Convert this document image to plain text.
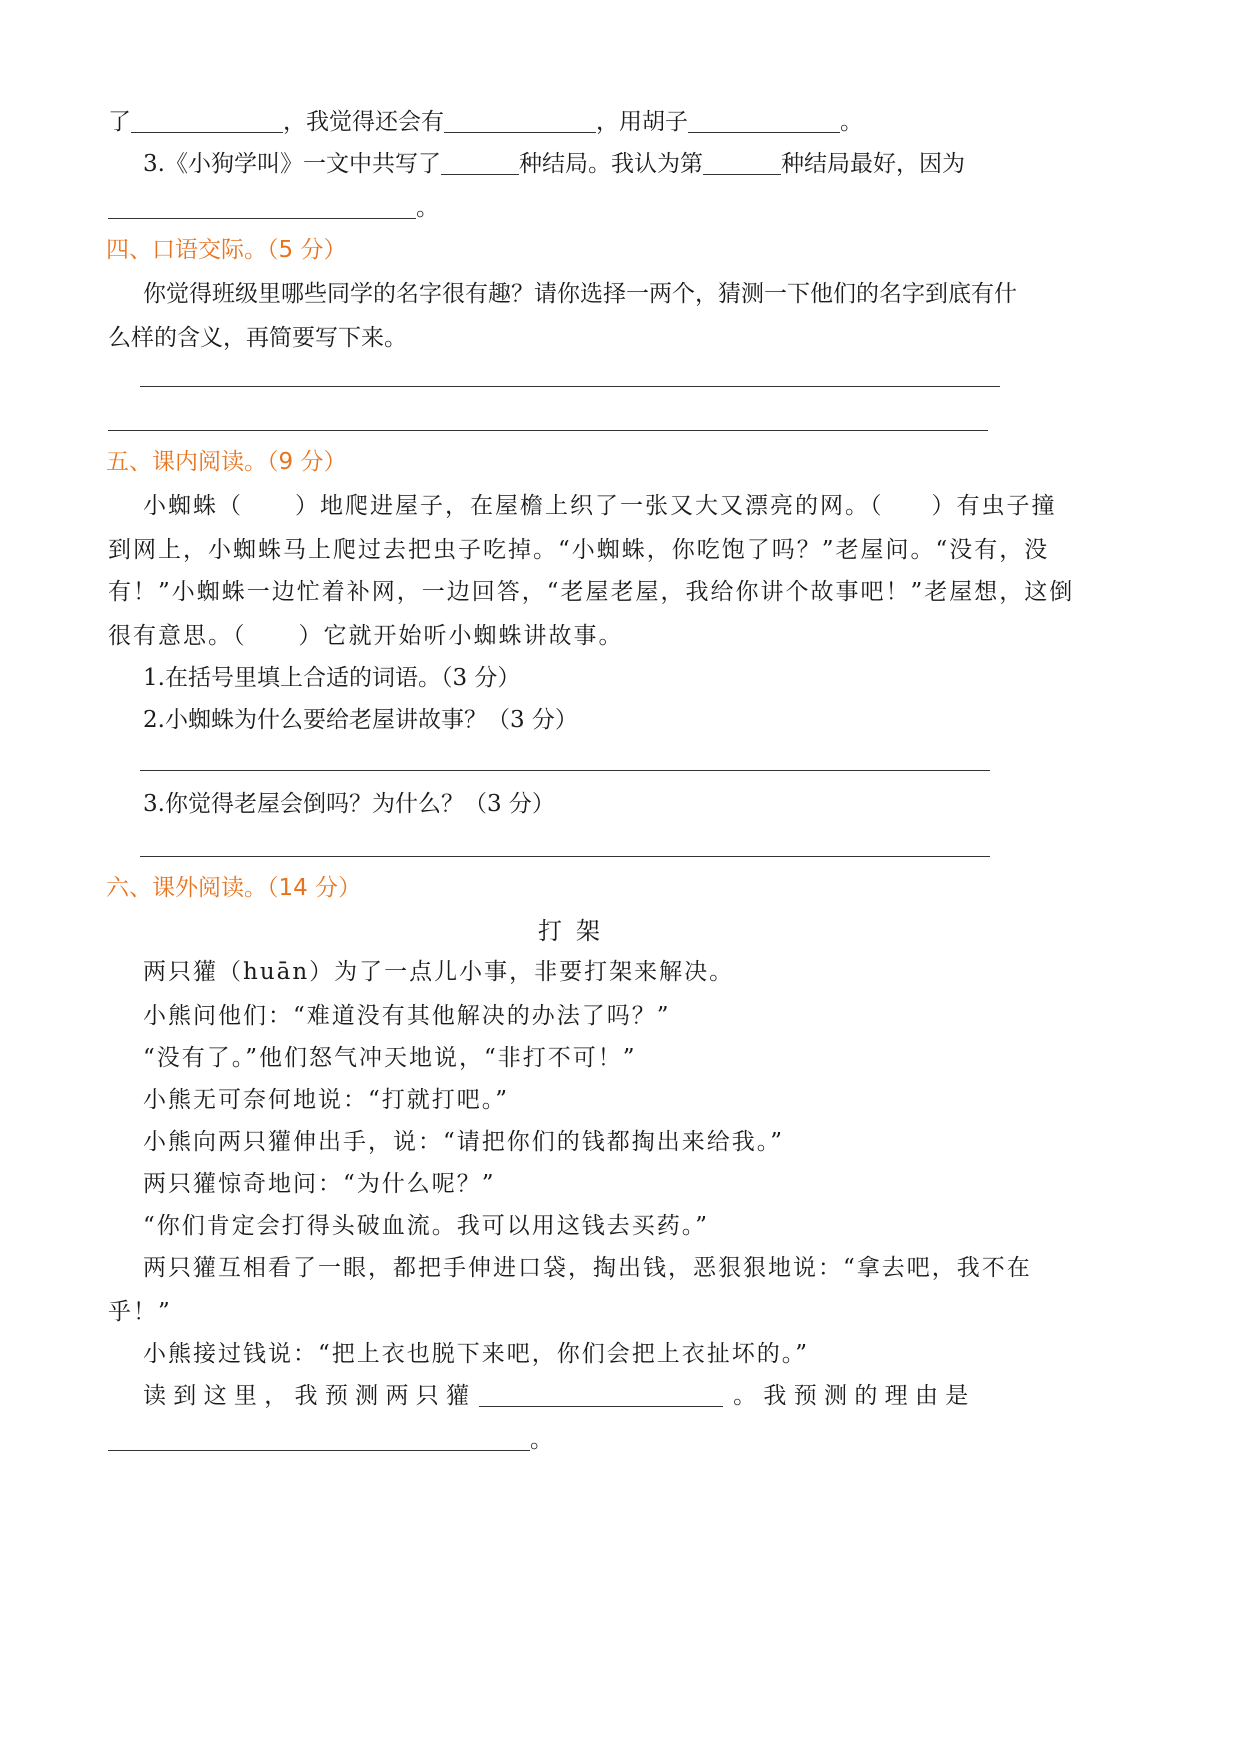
了	，我觉得还会有	，用胡子	。
3.《小狗学叫》一文中共写了	种结局。我认为第	种结局最好，因为
。
四、口语交际。（5 分）
你觉得班级里哪些同学的名字很有趣？请你选择一两个，猜测一下他们的名字到底有什
么样的含义，再简要写下来。
五、课内阅读。（9 分）
小蜘蛛（ ）地爬进屋子，在屋檐上织了一张又大又漂亮的网。（ ）有虫子撞
到网上，小蜘蛛马上爬过去把虫子吃掉。“小蜘蛛，你吃饱了吗？”老屋问。“没有，没
有！”小蜘蛛一边忙着补网，一边回答，“老屋老屋，我给你讲个故事吧！”老屋想，这倒
很有意思。（ ）它就开始听小蜘蛛讲故事。
1.在括号里填上合适的词语。（3 分）
2.小蜘蛛为什么要给老屋讲故事？（3 分）
3.你觉得老屋会倒吗？为什么？（3 分）
六、课外阅读。（14 分）
打架
两只獾（huān）为了一点儿小事，非要打架来解决。
小熊问他们：“难道没有其他解决的办法了吗？”
“没有了。”他们怒气冲天地说，“非打不可！”
小熊无可奈何地说：“打就打吧。”
小熊向两只獾伸出手，说：“请把你们的钱都掏出来给我。”
两只獾惊奇地问：“为什么呢？”
“你们肯定会打得头破血流。我可以用这钱去买药。”
两只獾互相看了一眼，都把手伸进口袋，掏出钱，恶狠狠地说：“拿去吧，我不在
乎！”
小熊接过钱说：“把上衣也脱下来吧，你们会把上衣扯坏的。”
读 到 这 里 ， 我 预 测 两 只 獾	。 我 预 测 的 理 由 是
。
